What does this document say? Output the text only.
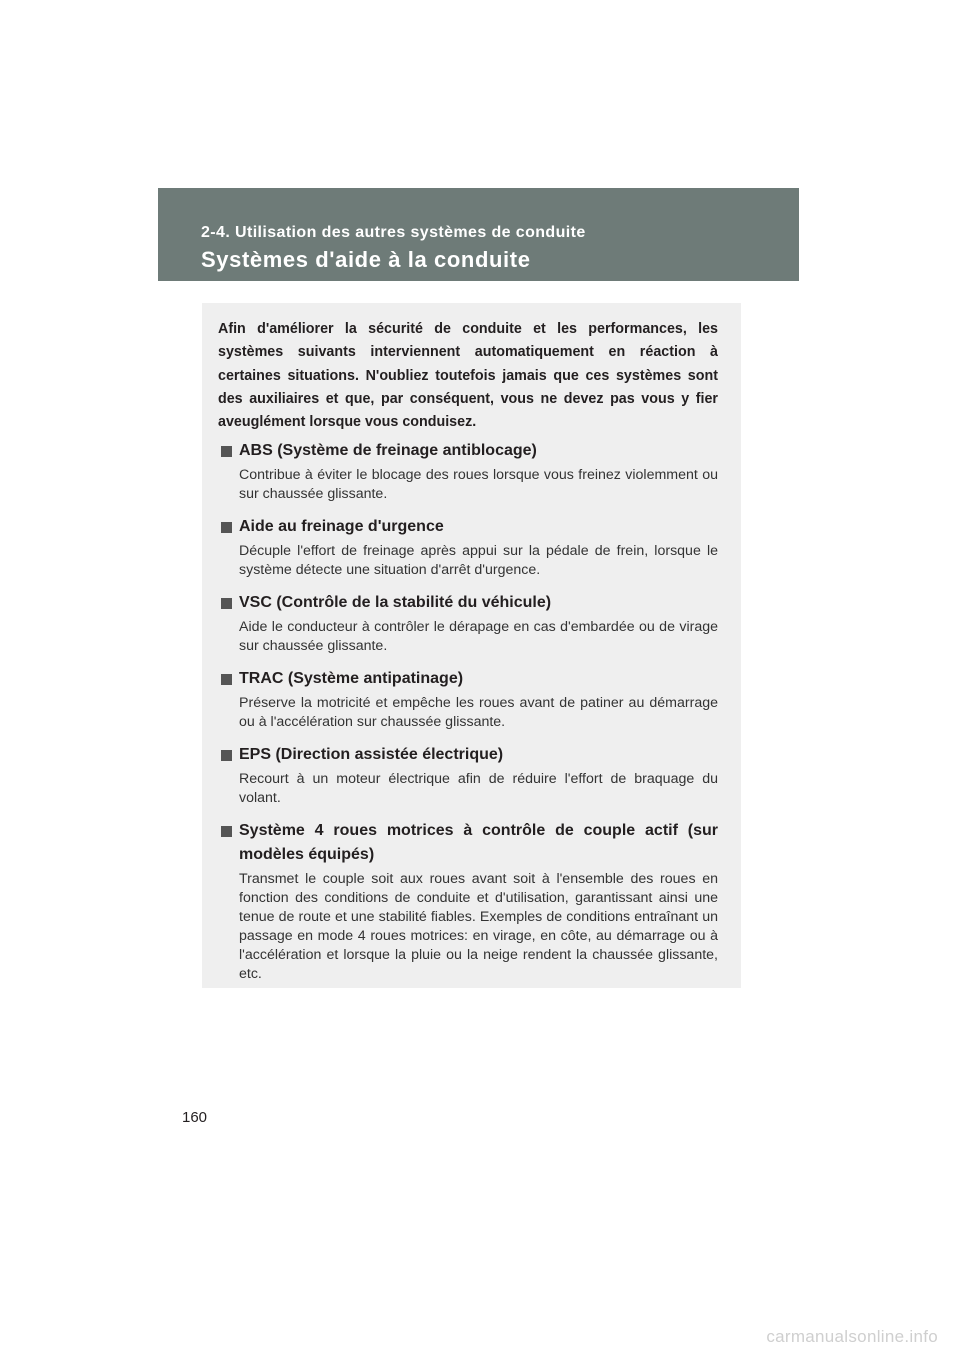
2-4. Utilisation des autres systèmes de conduite
Systèmes d'aide à la conduite
Afin d'améliorer la sécurité de conduite et les performances, les systèmes suivants interviennent automatiquement en réaction à certaines situations. N'oubliez toutefois jamais que ces systèmes sont des auxiliaires et que, par conséquent, vous ne devez pas vous y fier aveuglément lorsque vous conduisez.
ABS (Système de freinage antiblocage)
Contribue à éviter le blocage des roues lorsque vous freinez violemment ou sur chaussée glissante.
Aide au freinage d'urgence
Décuple l'effort de freinage après appui sur la pédale de frein, lorsque le système détecte une situation d'arrêt d'urgence.
VSC (Contrôle de la stabilité du véhicule)
Aide le conducteur à contrôler le dérapage en cas d'embardée ou de virage sur chaussée glissante.
TRAC (Système antipatinage)
Préserve la motricité et empêche les roues avant de patiner au démarrage ou à l'accélération sur chaussée glissante.
EPS (Direction assistée électrique)
Recourt à un moteur électrique afin de réduire l'effort de braquage du volant.
Système 4 roues motrices à contrôle de couple actif (sur modèles équipés)
Transmet le couple soit aux roues avant soit à l'ensemble des roues en fonction des conditions de conduite et d'utilisation, garantissant ainsi une tenue de route et une stabilité fiables. Exemples de conditions entraînant un passage en mode 4 roues motrices: en virage, en côte, au démarrage ou à l'accélération et lorsque la pluie ou la neige rendent la chaussée glissante, etc.
160
carmanualsonline.info
